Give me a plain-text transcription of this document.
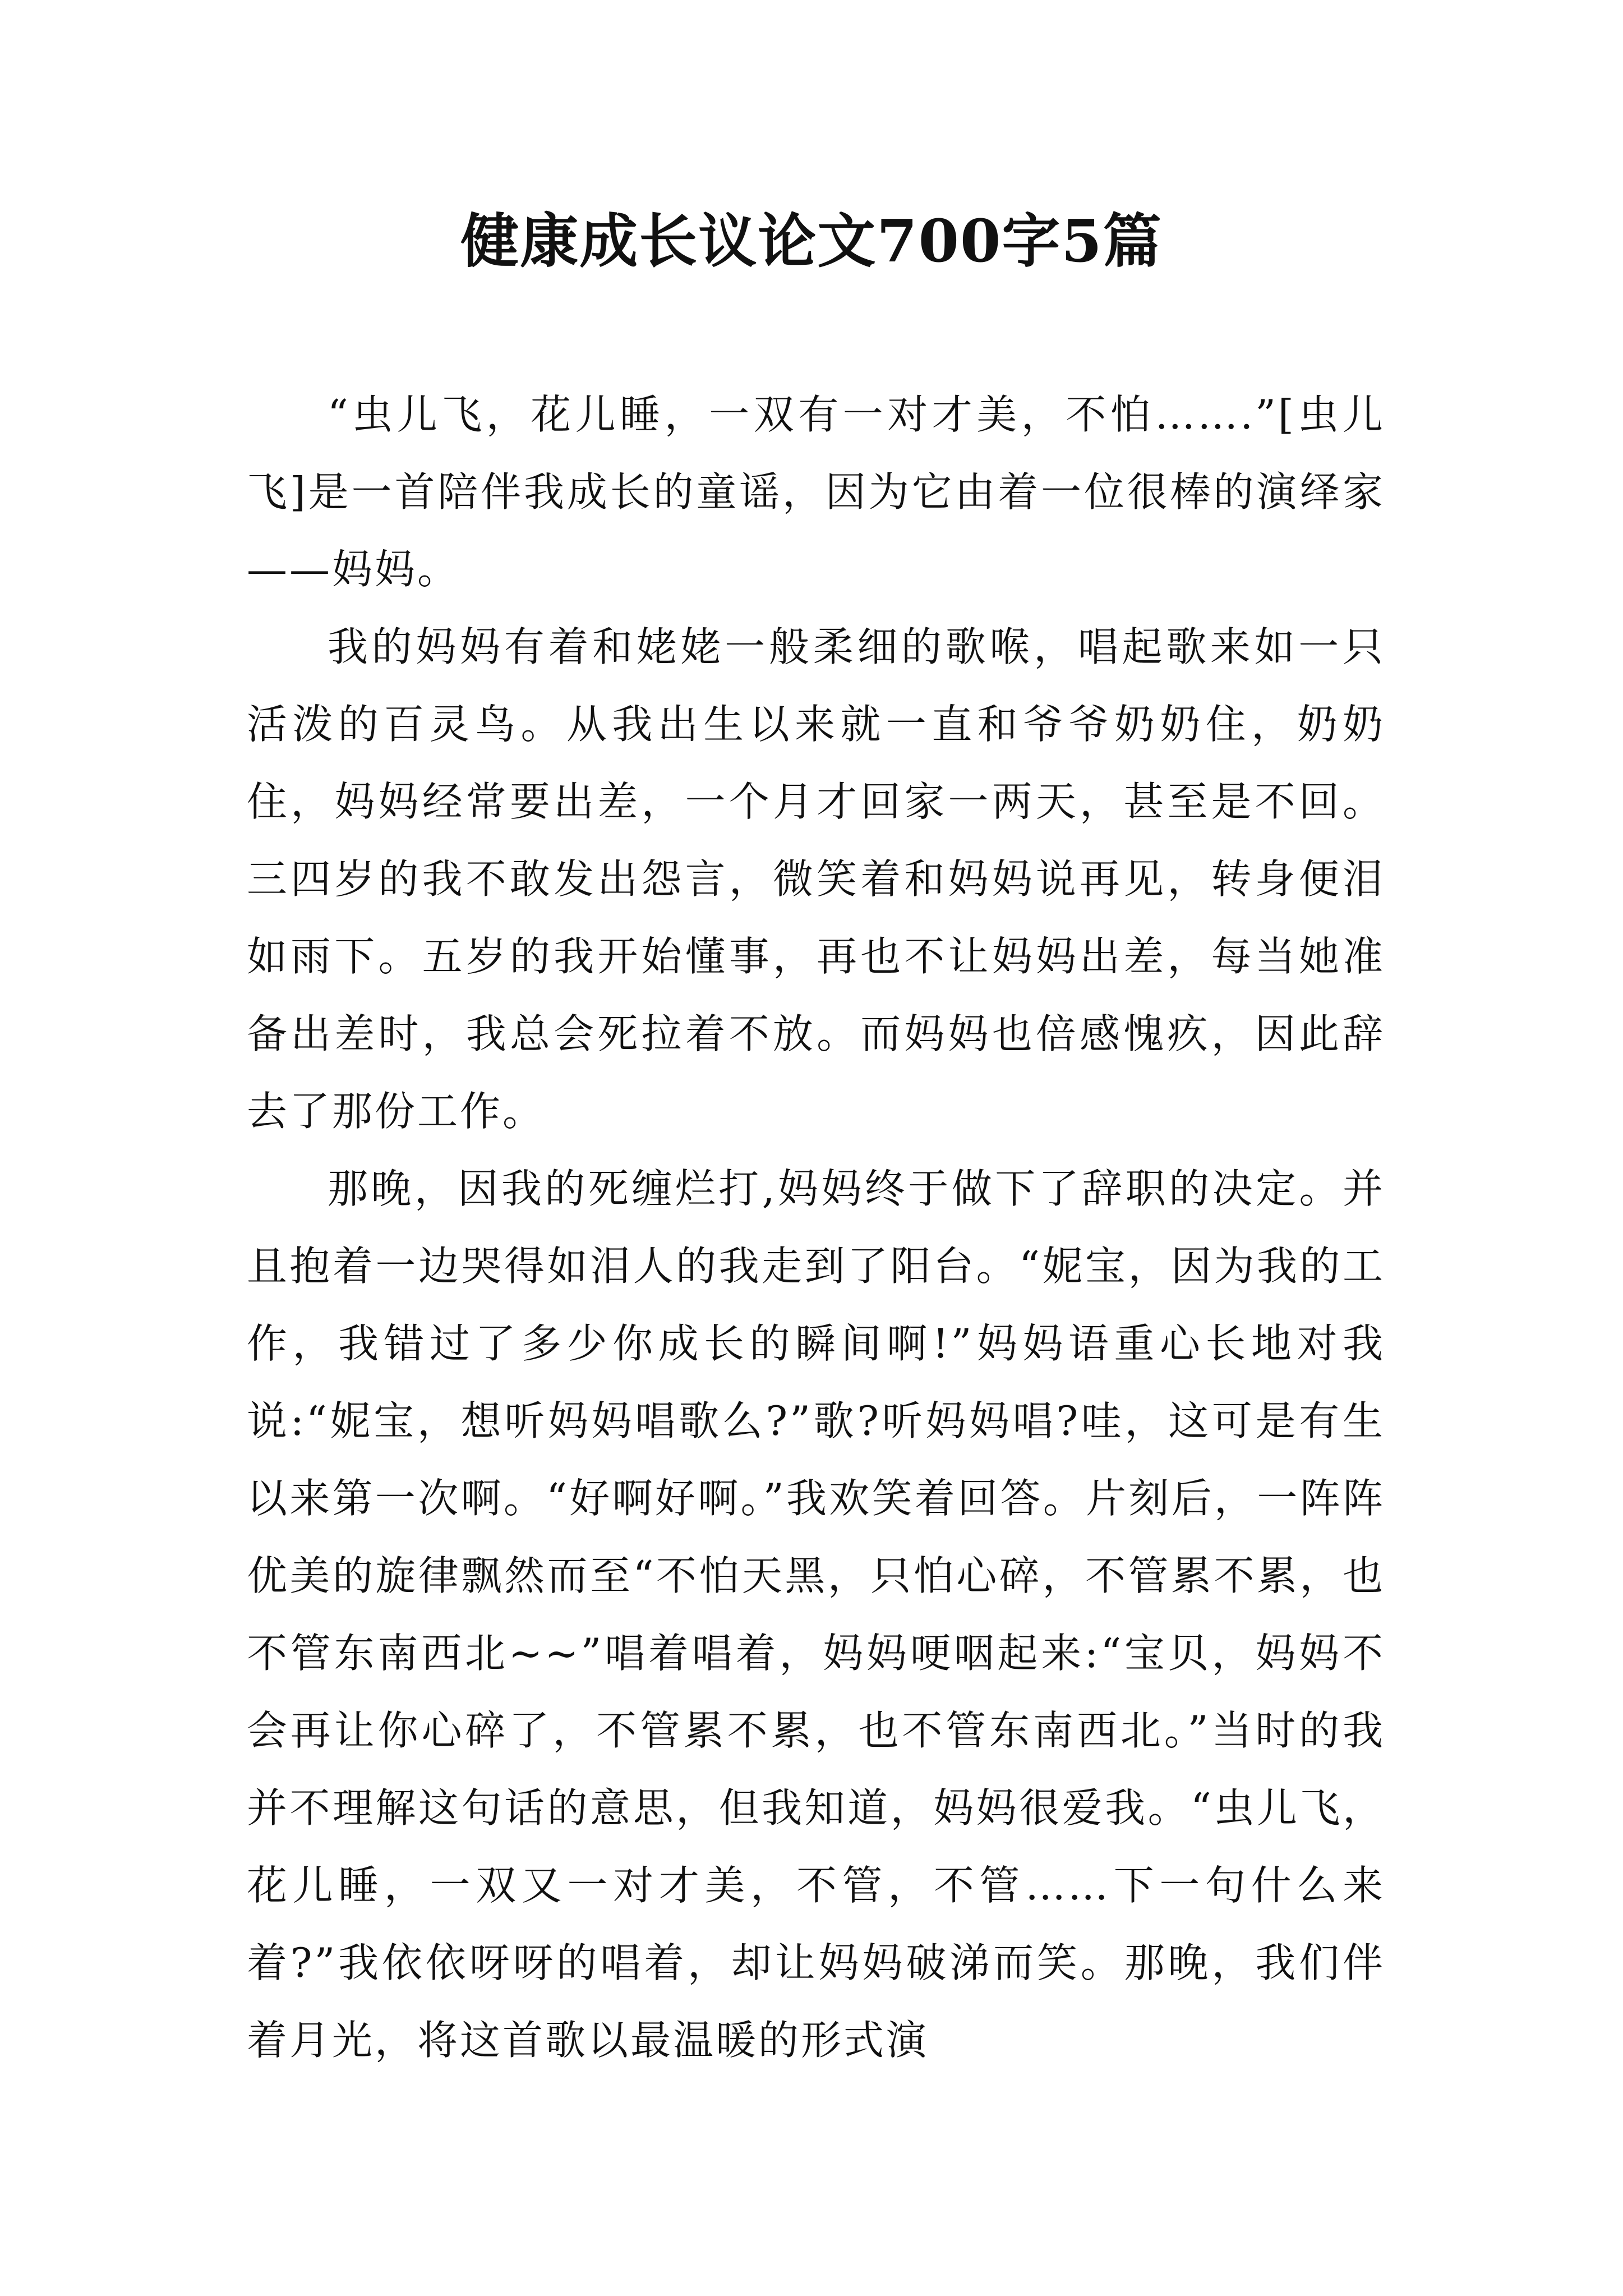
健康成长议论文700字5篇

“虫儿飞，花儿睡，一双有一对才美，不怕…….”[虫儿飞]是一首陪伴我成长的童谣，因为它由着一位很棒的演绎家——妈妈。

我的妈妈有着和姥姥一般柔细的歌喉，唱起歌来如一只活泼的百灵鸟。从我出生以来就一直和爷爷奶奶住，奶奶住，妈妈经常要出差，一个月才回家一两天，甚至是不回。三四岁的我不敢发出怨言，微笑着和妈妈说再见，转身便泪如雨下。五岁的我开始懂事，再也不让妈妈出差，每当她准备出差时，我总会死拉着不放。而妈妈也倍感愧疚，因此辞去了那份工作。

那晚，因我的死缠烂打,妈妈终于做下了辞职的决定。并且抱着一边哭得如泪人的我走到了阳台。“妮宝，因为我的工作，我错过了多少你成长的瞬间啊!”妈妈语重心长地对我说:“妮宝，想听妈妈唱歌么?”歌?听妈妈唱?哇，这可是有生以来第一次啊。“好啊好啊。”我欢笑着回答。片刻后，一阵阵优美的旋律飘然而至“不怕天黑，只怕心碎，不管累不累，也不管东南西北~~”唱着唱着，妈妈哽咽起来:“宝贝，妈妈不会再让你心碎了，不管累不累，也不管东南西北。”当时的我并不理解这句话的意思，但我知道，妈妈很爱我。“虫儿飞，花儿睡，一双又一对才美，不管，不管……下一句什么来着?”我依依呀呀的唱着，却让妈妈破涕而笑。那晚，我们伴着月光，将这首歌以最温暖的形式演
